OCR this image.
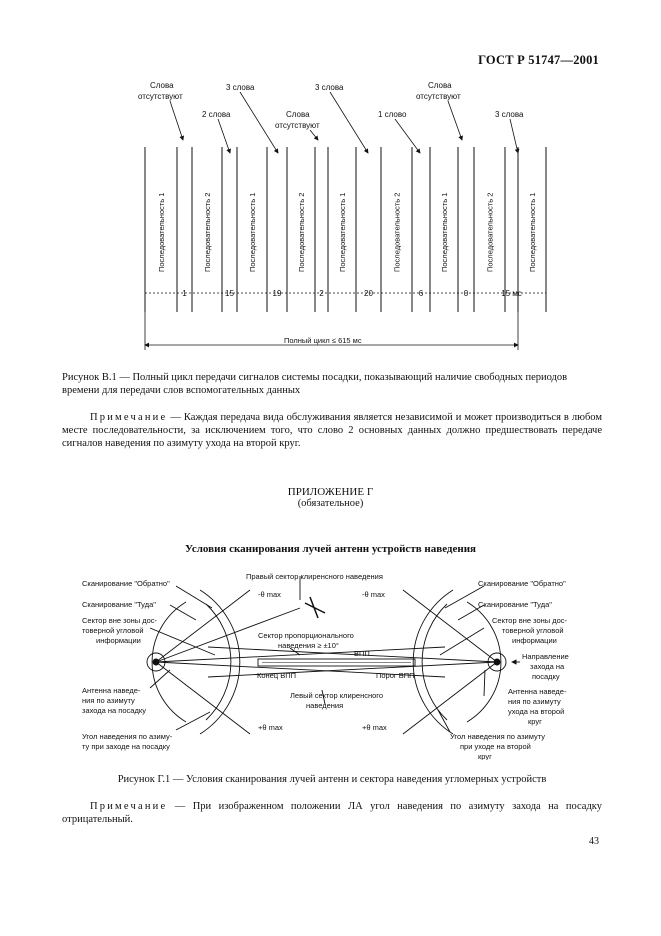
ГОСТ Р 51747—2001
Последовательность 1	Последовательность 2	Последовательность 1	Последовательность 2	Последовательность 1	Последовательность 2	Последовательность 1	Последовательность 2	Последовательность 1
1	15	19	2	20	6	0	15 мс
Слова
отсутствуют
2 слова
3 слова
Слова
отсутствуют
3 слова
1 слово
Слова
отсутствуют
3 слова
Полный цикл ≤ 615 мс
Рисунок В.1 — Полный цикл передачи сигналов системы посадки, показывающий наличие свободных периодов времени для передачи слов вспомогательных данных
Примечание — Каждая передача вида обслуживания является независимой и может производиться в любом месте последовательности, за исключением того, что слово 2 основных данных должно предшествовать передаче сигналов наведения по азимуту ухода на второй круг.
ПРИЛОЖЕНИЕ Г
(обязательное)
Условия сканирования лучей антенн устройств наведения
Сканирование "Обратно"
Сканирование "Туда"
Сектор вне зоны дос-
товерной угловой
информации
Антенна наведе-
ния по азимуту
захода на посадку
Угол наведения по азиму-
ту при заходе на посадку
Сканирование "Обратно"
Сканирование "Туда"
Сектор вне зоны дос-
товерной угловой
информации
Направление
захода на
посадку
Антенна наведе-
ния по азимуту
ухода на второй
круг
Угол наведения по азимуту
при уходе на второй
круг
Правый сектор клиренсного наведения
-θ max	-θ max
Сектор пропорционального
наведения ≥ ±10°
ВПП
Конец ВПП	Порог ВПП
Левый сектор клиренсного
наведения
+θ max	+θ max
Рисунок Г.1 — Условия сканирования лучей антенн и сектора наведения угломерных устройств
Примечание — При изображенном положении ЛА угол наведения по азимуту захода на посадку отрицательный.
43
